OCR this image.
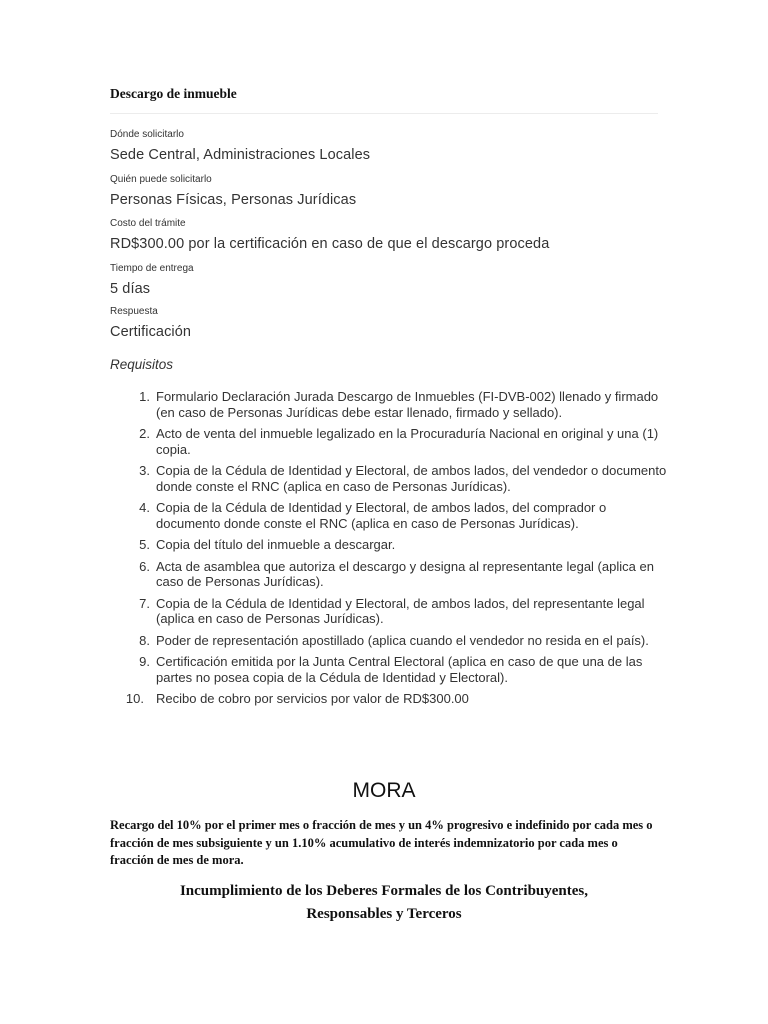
Descargo de inmueble
Dónde solicitarlo
Sede Central, Administraciones Locales
Quién puede solicitarlo
Personas Físicas, Personas Jurídicas
Costo del trámite
RD$300.00 por la certificación en caso de que el descargo proceda
Tiempo de entrega
5 días
Respuesta
Certificación
Requisitos
1. Formulario Declaración Jurada Descargo de Inmuebles (FI-DVB-002) llenado y firmado (en caso de Personas Jurídicas debe estar llenado, firmado y sellado).
2. Acto de venta del inmueble legalizado en la Procuraduría Nacional en original y una (1) copia.
3. Copia de la Cédula de Identidad y Electoral, de ambos lados, del vendedor o documento donde conste el RNC (aplica en caso de Personas Jurídicas).
4. Copia de la Cédula de Identidad y Electoral, de ambos lados, del comprador o documento donde conste el RNC (aplica en caso de Personas Jurídicas).
5. Copia del título del inmueble a descargar.
6. Acta de asamblea que autoriza el descargo y designa al representante legal (aplica en caso de Personas Jurídicas).
7. Copia de la Cédula de Identidad y Electoral, de ambos lados, del representante legal (aplica en caso de Personas Jurídicas).
8. Poder de representación apostillado (aplica cuando el vendedor no resida en el país).
9. Certificación emitida por la Junta Central Electoral (aplica en caso de que una de las partes no posea copia de la Cédula de Identidad y Electoral).
10. Recibo de cobro por servicios por valor de RD$300.00
MORA
Recargo del 10% por el primer mes o fracción de mes y un 4% progresivo e indefinido por cada mes o fracción de mes subsiguiente y un 1.10% acumulativo de interés indemnizatorio por cada mes o fracción de mes de mora.
Incumplimiento de los Deberes Formales de los Contribuyentes,
Responsables y Terceros
